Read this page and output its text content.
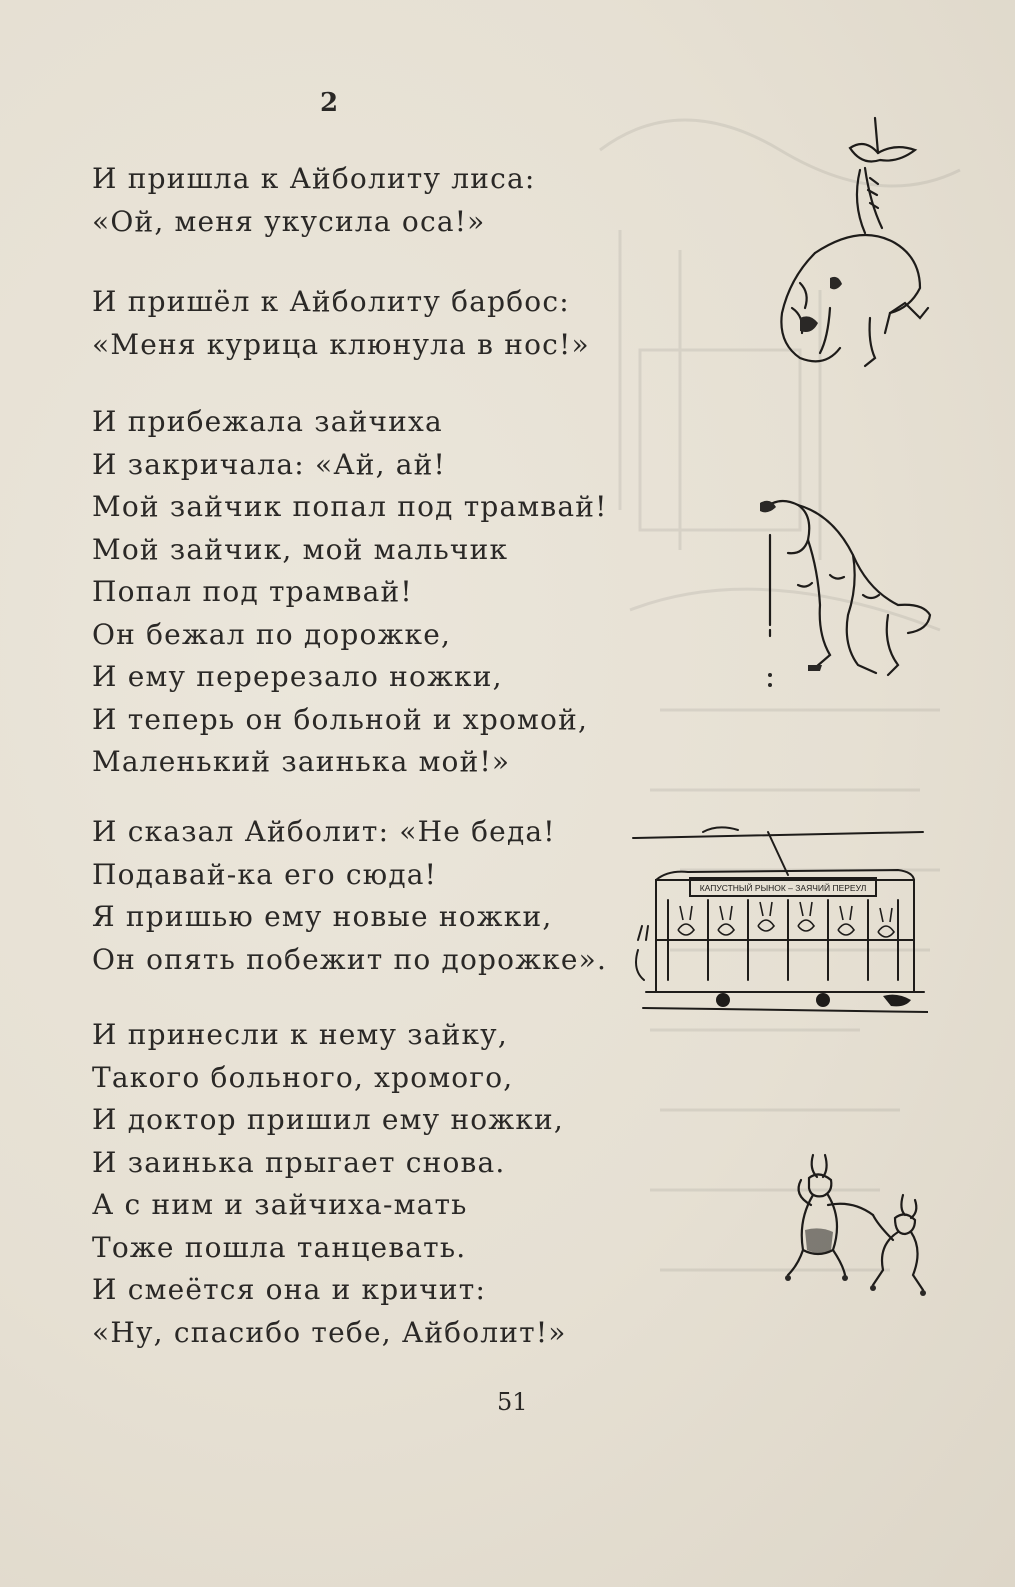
2
И пришла к Айболиту лиса:
«Ой, меня укусила оса!»
И пришёл к Айболиту барбос:
«Меня курица клюнула в нос!»
И прибежала зайчиха
И закричала: «Ай, ай!
Мой зайчик попал под трамвай!
Мой зайчик, мой мальчик
Попал под трамвай!
Он бежал по дорожке,
И ему перерезало ножки,
И теперь он больной и хромой,
Маленький заинька мой!»
И сказал Айболит: «Не беда!
Подавай-ка его сюда!
Я пришью ему новые ножки,
Он опять побежит по дорожке».
И принесли к нему зайку,
Такого больного, хромого,
И доктор пришил ему ножки,
И заинька прыгает снова.
А с ним и зайчиха-мать
Тоже пошла танцевать.
И смеётся она и кричит:
«Ну, спасибо тебе, Айболит!»
КАПУСТНЫЙ РЫНОК – ЗАЯЧИЙ ПЕРЕУЛ
51
